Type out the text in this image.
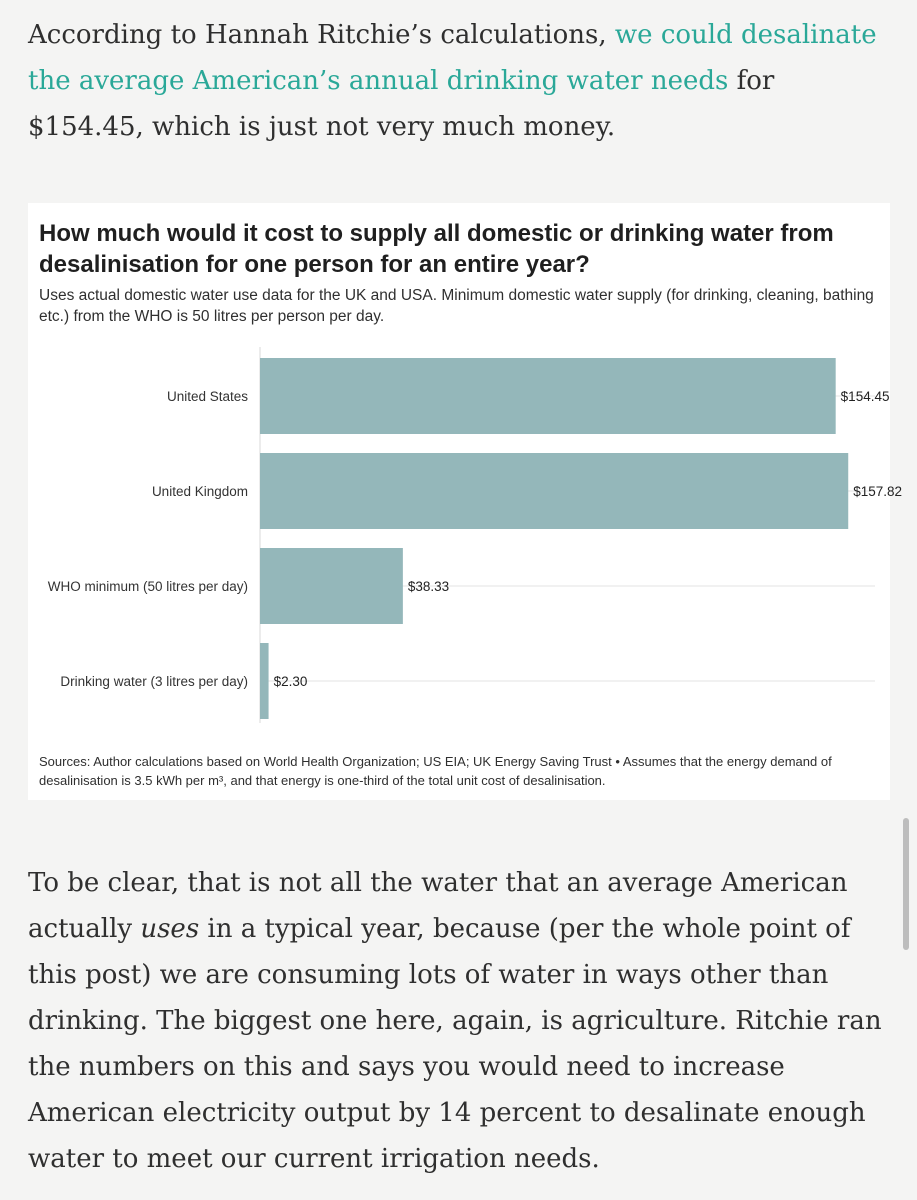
According to Hannah Ritchie’s calculations, we could desalinate the average American’s annual drinking water needs for $154.45, which is just not very much money.

How much would it cost to supply all domestic or drinking water from desalinisation for one person for an entire year?

Uses actual domestic water use data for the UK and USA. Minimum domestic water supply (for drinking, cleaning, bathing etc.) from the WHO is 50 litres per person per day.

United States	$154.45
United Kingdom	$157.82
WHO minimum (50 litres per day)	$38.33
Drinking water (3 litres per day) $2.30

Sources: Author calculations based on World Health Organization; US EIA; UK Energy Saving Trust • Assumes that the energy demand of desalinisation is 3.5 kWh per m³, and that energy is one-third of the total unit cost of desalinisation.

To be clear, that is not all the water that an average American actually uses in a typical year, because (per the whole point of this post) we are consuming lots of water in ways other than drinking. The biggest one here, again, is agriculture. Ritchie ran the numbers on this and says you would need to increase American electricity output by 14 percent to desalinate enough water to meet our current irrigation needs.
